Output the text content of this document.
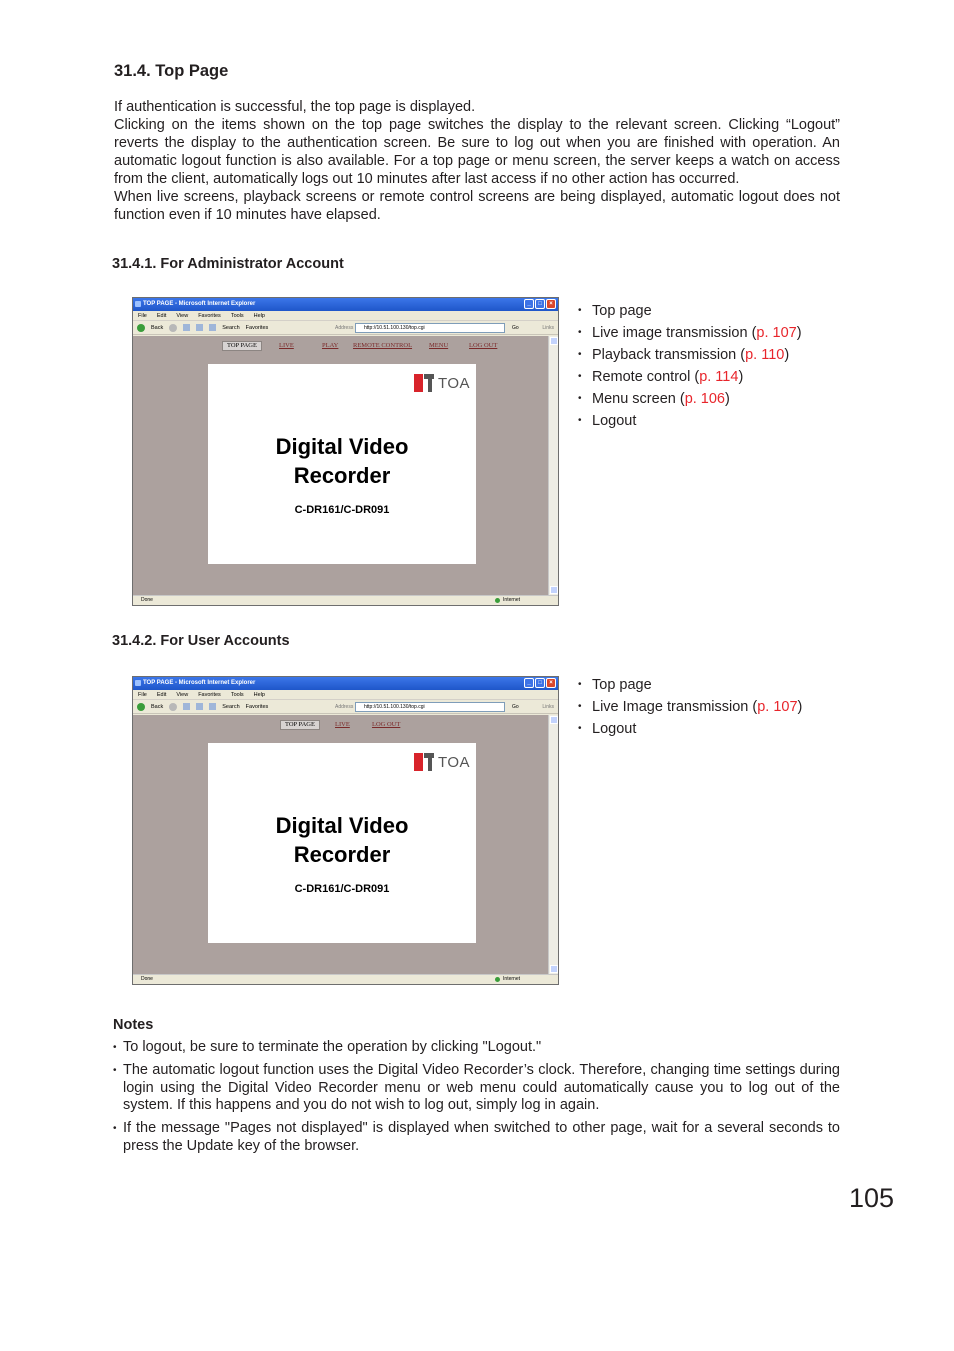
31.4. Top Page

If authentication is successful, the top page is displayed.

Clicking on the items shown on the top page switches the display to the relevant screen. Clicking “Logout” reverts the display to the authentication screen. Be sure to log out when you are finished with operation. An automatic logout function is also available. For a top page or menu screen, the server keeps a watch on access from the client, automatically logs out 10 minutes after last access if no other action has occurred.

When live screens, playback screens or remote control screens are being displayed, automatic logout does not function even if 10 minutes have elapsed.

31.4.1. For Administrator Account
TOP PAGE - Microsoft Internet Explorer	_	□	×
File Edit View Favorites Tools Help
Back	Search Favorites	Address	http://10.51.100.130/top.cgi	Go	Links
TOP PAGE	LIVE	PLAY REMOTE CONTROL	MENU	LOG OUT
TOA
Digital Video
Recorder
C-DR161/C-DR091
Done	Internet
• Top page
• Live image transmission (p. 107)
• Playback transmission (p. 110)
• Remote control (p. 114)
• Menu screen (p. 106)
• Logout
31.4.2. For User Accounts
TOP PAGE - Microsoft Internet Explorer	_	□	×
File Edit View Favorites Tools Help
Back	Search Favorites	Address	http://10.51.100.130/top.cgi	Go	Links
TOP PAGE	LIVE	LOG OUT
TOA
Digital Video
Recorder
C-DR161/C-DR091
Done	Internet
• Top page
• Live Image transmission (p. 107)
• Logout
Notes
• To logout, be sure to terminate the operation by clicking "Logout."
• The automatic logout function uses the Digital Video Recorder’s clock. Therefore, changing time settings during login using the Digital Video Recorder menu or web menu could automatically cause you to log out of the system. If this happens and you do not wish to log out, simply log in again.
• If the message "Pages not displayed" is displayed when switched to other page, wait for a several seconds to press the Update key of the browser.
105
